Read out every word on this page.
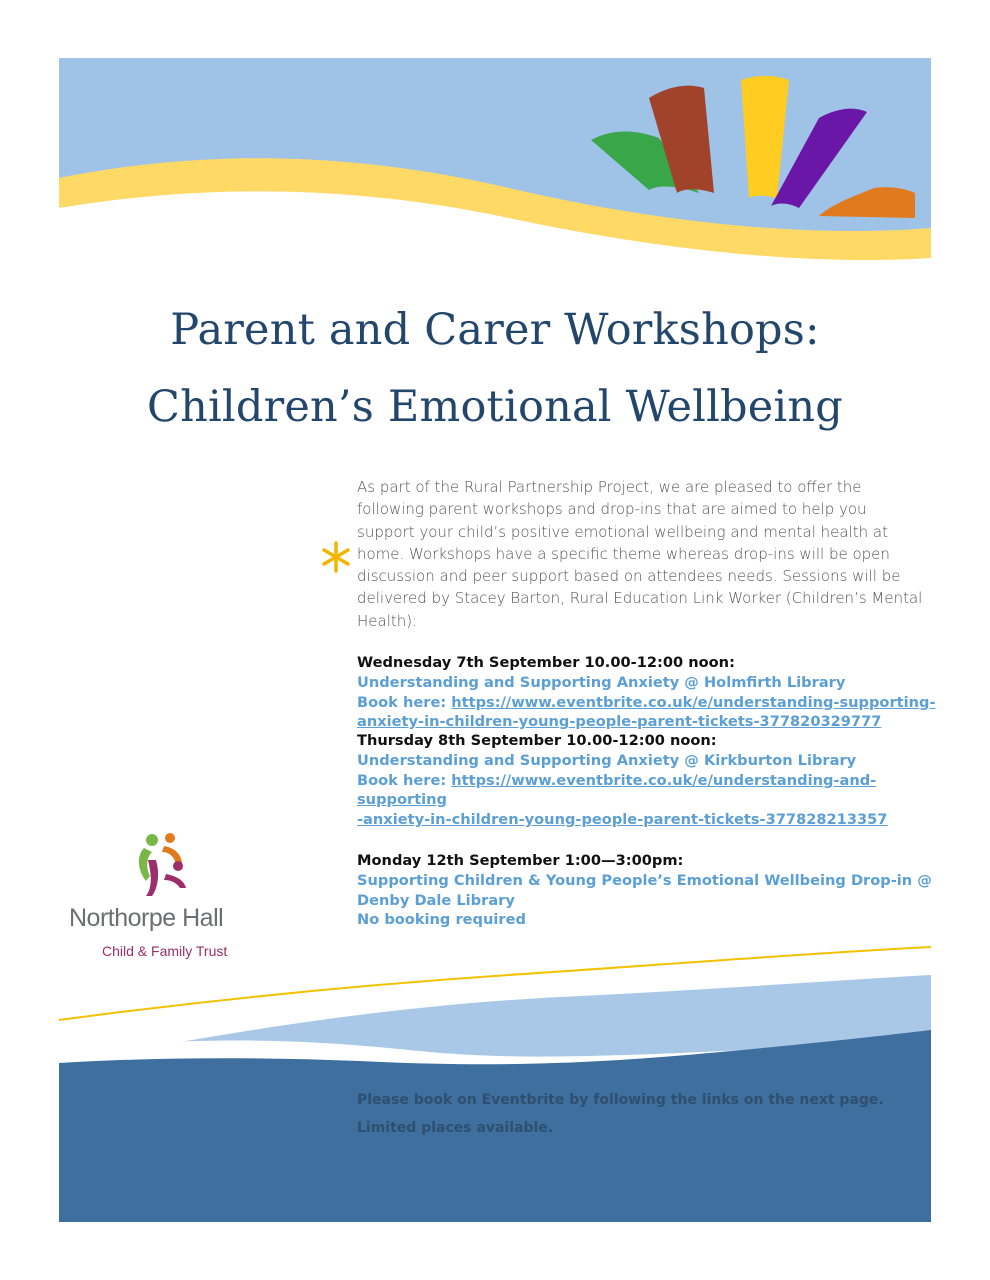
Parent and Carer Workshops:
Children’s Emotional Wellbeing
As part of the Rural Partnership Project, we are pleased to offer the following parent workshops and drop-ins that are aimed to help you support your child’s positive emotional wellbeing and mental health at home. Workshops have a specific theme whereas drop-ins will be open discussion and peer support based on attendees needs. Sessions will be delivered by Stacey Barton, Rural Education Link Worker (Children’s Mental Health):
Wednesday 7th September 10.00-12:00 noon:
Understanding and Supporting Anxiety @ Holmfirth Library
Book here: https://www.eventbrite.co.uk/e/understanding-supporting-
anxiety-in-children-young-people-parent-tickets-377820329777
Thursday 8th September 10.00-12:00 noon:
Understanding and Supporting Anxiety @ Kirkburton Library
Book here: https://www.eventbrite.co.uk/e/understanding-and-supporting
-anxiety-in-children-young-people-parent-tickets-377828213357
Monday 12th September 1:00—3:00pm:
Supporting Children & Young People’s Emotional Wellbeing Drop-in @
Denby Dale Library
No booking required
Northorpe Hall
Child & Family Trust
Please book on Eventbrite by following the links on the next page.
Limited places available.
